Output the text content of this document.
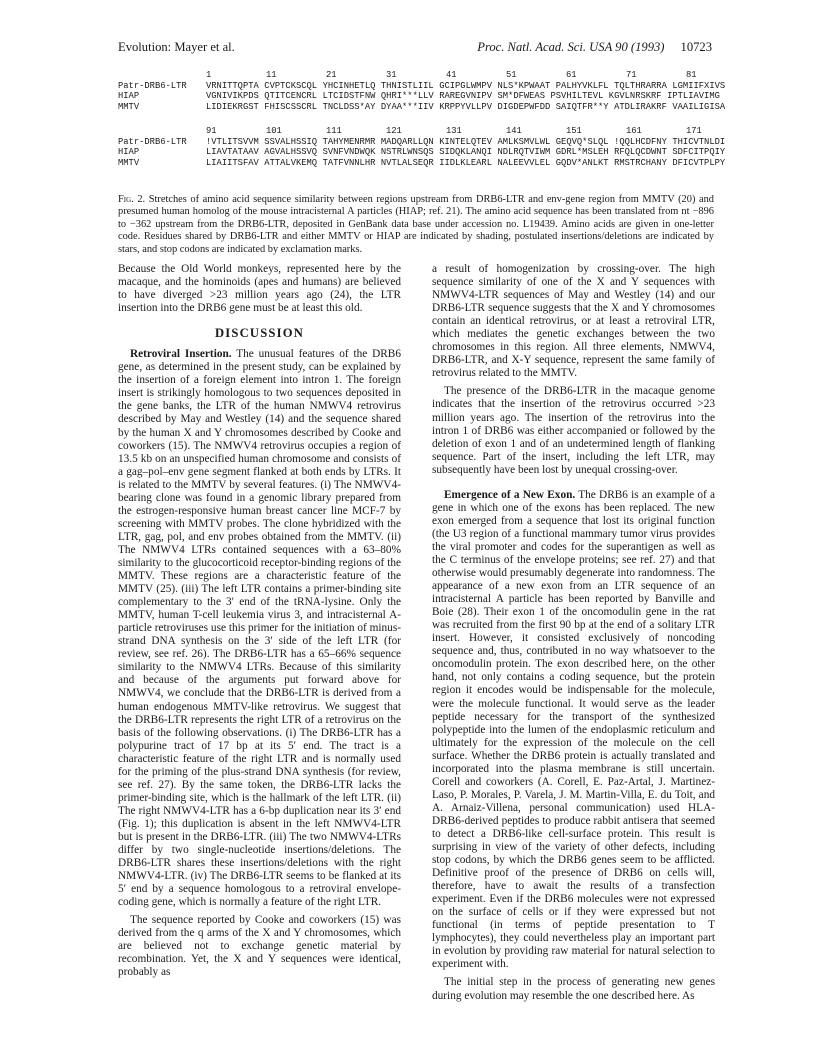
Evolution: Mayer et al.	Proc. Natl. Acad. Sci. USA 90 (1993) 10723
1	11	21	31	41	51	61	71	81
Patr-DRB6-LTR	VRNITTQPTA CVPTCKSCQL YHCINHETLQ THNISTLIIL GCIPGLWMPV NLS*KPWAAT PALHYVKLFL TQLTHRARRA LGMIIFXIVS
HIAP	VGNIVIKPDS QTITCENCRL LTCIDSTFNW QHRI***LLV RAREGVNIPV SM*DFWEAS PSVHILTEVL KGVLNRSKRF IPTLIAVIMG
MMTV	LIDIEKRGST FHISCSSCRL TNCLDSS*AY DYAA***IIV KRPPYVLLPV DIGDEPWFDD SAIQTFR**Y ATDLIRAKRF VAAILIGISA
91	101	111	121	131	141	151	161	171
Patr-DRB6-LTR	!VTLITSVVM SSVALHSSIQ TAHYMENRMR MADQARLLQN KINTELQTEV AMLKSMVLWL GEQVQ*SLQL !QQLHCDFNY THICVTNLDI
HIAP	LIAVTATAAV AGVALHSSVQ SVNFVNDWQK NSTRLWNSQS SIDQKLANQI NDLRQTVIWM GDRL*MSLEH RFQLQCDWNT SDFCITPQIY
MMTV	LIAIITSFAV ATTALVKEMQ TATFVNNLHR NVTLALSEQR IIDLKLEARL NALEEVVLEL GQDV*ANLKT RMSTRCHANY DFICVTPLPY
Fig. 2. Stretches of amino acid sequence similarity between regions upstream from DRB6-LTR and env-gene region from MMTV (20) and presumed human homolog of the mouse intracisternal A particles (HIAP; ref. 21). The amino acid sequence has been translated from nt −896 to −362 upstream from the DRB6-LTR, deposited in GenBank data base under accession no. L19439. Amino acids are given in one-letter code. Residues shared by DRB6-LTR and either MMTV or HIAP are indicated by shading, postulated insertions/deletions are indicated by stars, and stop codons are indicated by exclamation marks.

Because the Old World monkeys, represented here by the macaque, and the hominoids (apes and humans) are believed to have diverged >23 million years ago (24), the LTR insertion into the DRB6 gene must be at least this old.

DISCUSSION

Retroviral Insertion. The unusual features of the DRB6 gene, as determined in the present study, can be explained by the insertion of a foreign element into intron 1. The foreign insert is strikingly homologous to two sequences deposited in the gene banks, the LTR of the human NMWV4 retrovirus described by May and Westley (14) and the sequence shared by the human X and Y chromosomes described by Cooke and coworkers (15). The NMWV4 retrovirus occupies a region of 13.5 kb on an unspecified human chromosome and consists of a gag–pol–env gene segment flanked at both ends by LTRs. It is related to the MMTV by several features. (i) The NMWV4-bearing clone was found in a genomic library prepared from the estrogen-responsive human breast cancer line MCF-7 by screening with MMTV probes. The clone hybridized with the LTR, gag, pol, and env probes obtained from the MMTV. (ii) The NMWV4 LTRs contained sequences with a 63–80% similarity to the glucocorticoid receptor-binding regions of the MMTV. These regions are a characteristic feature of the MMTV (25). (iii) The left LTR contains a primer-binding site complementary to the 3′ end of the tRNA-lysine. Only the MMTV, human T-cell leukemia virus 3, and intracisternal A-particle retroviruses use this primer for the initiation of minus-strand DNA synthesis on the 3′ side of the left LTR (for review, see ref. 26). The DRB6-LTR has a 65–66% sequence similarity to the NMWV4 LTRs. Because of this similarity and because of the arguments put forward above for NMWV4, we conclude that the DRB6-LTR is derived from a human endogenous MMTV-like retrovirus. We suggest that the DRB6-LTR represents the right LTR of a retrovirus on the basis of the following observations. (i) The DRB6-LTR has a polypurine tract of 17 bp at its 5′ end. The tract is a characteristic feature of the right LTR and is normally used for the priming of the plus-strand DNA synthesis (for review, see ref. 27). By the same token, the DRB6-LTR lacks the primer-binding site, which is the hallmark of the left LTR. (ii) The right NMWV4-LTR has a 6-bp duplication near its 3′ end (Fig. 1); this duplication is absent in the left NMWV4-LTR but is present in the DRB6-LTR. (iii) The two NMWV4-LTRs differ by two single-nucleotide insertions/deletions. The DRB6-LTR shares these insertions/deletions with the right NMWV4-LTR. (iv) The DRB6-LTR seems to be flanked at its 5′ end by a sequence homologous to a retroviral envelope-coding gene, which is normally a feature of the right LTR.

The sequence reported by Cooke and coworkers (15) was derived from the q arms of the X and Y chromosomes, which are believed not to exchange genetic material by recombination. Yet, the X and Y sequences were identical, probably as

a result of homogenization by crossing-over. The high sequence similarity of one of the X and Y sequences with NMWV4-LTR sequences of May and Westley (14) and our DRB6-LTR sequence suggests that the X and Y chromosomes contain an identical retrovirus, or at least a retroviral LTR, which mediates the genetic exchanges between the two chromosomes in this region. All three elements, NMWV4, DRB6-LTR, and X-Y sequence, represent the same family of retrovirus related to the MMTV.

The presence of the DRB6-LTR in the macaque genome indicates that the insertion of the retrovirus occurred >23 million years ago. The insertion of the retrovirus into the intron 1 of DRB6 was either accompanied or followed by the deletion of exon 1 and of an undetermined length of flanking sequence. Part of the insert, including the left LTR, may subsequently have been lost by unequal crossing-over.

Emergence of a New Exon. The DRB6 is an example of a gene in which one of the exons has been replaced. The new exon emerged from a sequence that lost its original function (the U3 region of a functional mammary tumor virus provides the viral promoter and codes for the superantigen as well as the C terminus of the envelope proteins; see ref. 27) and that otherwise would presumably degenerate into randomness. The appearance of a new exon from an LTR sequence of an intracisternal A particle has been reported by Banville and Boie (28). Their exon 1 of the oncomodulin gene in the rat was recruited from the first 90 bp at the end of a solitary LTR insert. However, it consisted exclusively of noncoding sequence and, thus, contributed in no way whatsoever to the oncomodulin protein. The exon described here, on the other hand, not only contains a coding sequence, but the protein region it encodes would be indispensable for the molecule, were the molecule functional. It would serve as the leader peptide necessary for the transport of the synthesized polypeptide into the lumen of the endoplasmic reticulum and ultimately for the expression of the molecule on the cell surface. Whether the DRB6 protein is actually translated and incorporated into the plasma membrane is still uncertain. Corell and coworkers (A. Corell, E. Paz-Artal, J. Martinez-Laso, P. Morales, P. Varela, J. M. Martin-Villa, E. du Toit, and A. Arnaiz-Villena, personal communication) used HLA-DRB6-derived peptides to produce rabbit antisera that seemed to detect a DRB6-like cell-surface protein. This result is surprising in view of the variety of other defects, including stop codons, by which the DRB6 genes seem to be afflicted. Definitive proof of the presence of DRB6 on cells will, therefore, have to await the results of a transfection experiment. Even if the DRB6 molecules were not expressed on the surface of cells or if they were expressed but not functional (in terms of peptide presentation to T lymphocytes), they could nevertheless play an important part in evolution by providing raw material for natural selection to experiment with.

The initial step in the process of generating new genes during evolution may resemble the one described here. As
